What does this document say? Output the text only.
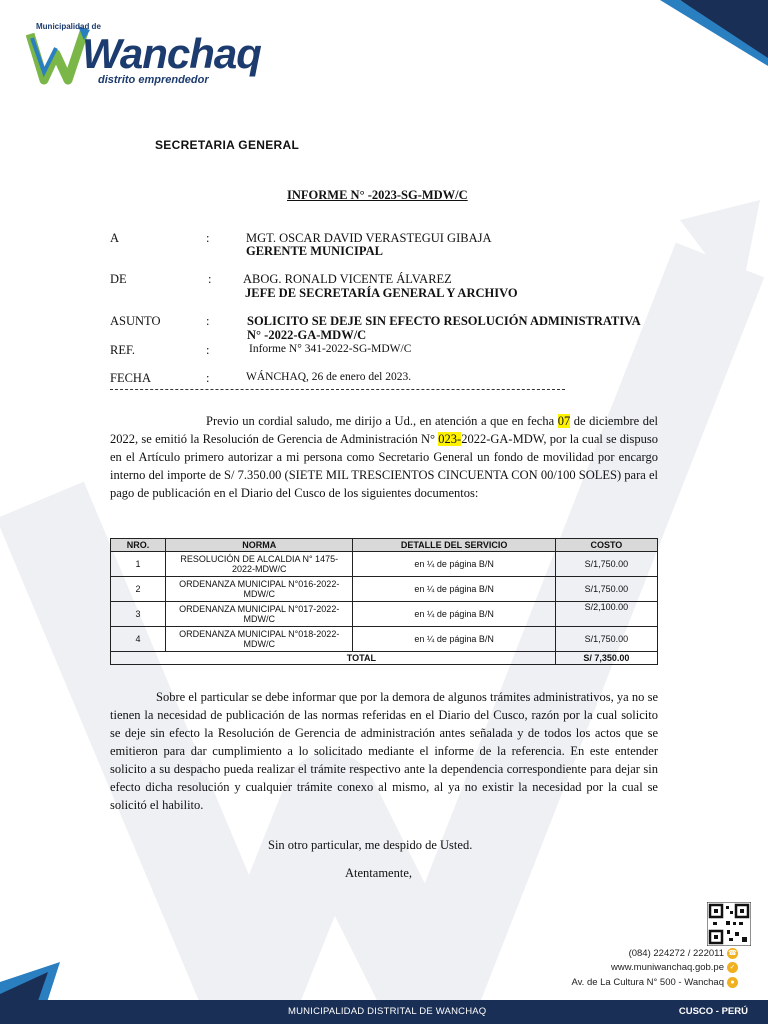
Municipalidad de
Wanchaq
distrito emprendedor
SECRETARIA GENERAL
INFORME N° -2023-SG-MDW/C
A	:	MGT. OSCAR DAVID VERASTEGUI GIBAJA
GERENTE MUNICIPAL
DE	:	ABOG. RONALD VICENTE ÁLVAREZ
JEFE DE SECRETARÍA GENERAL Y ARCHIVO
ASUNTO	:	SOLICITO SE DEJE SIN EFECTO RESOLUCIÓN ADMINISTRATIVA
N° -2022-GA-MDW/C
REF.	:	Informe N° 341-2022-SG-MDW/C
FECHA	:	WÁNCHAQ, 26 de enero del 2023.
Previo un cordial saludo, me dirijo a Ud., en atención a que en fecha 07 de diciembre del 2022, se emitió la Resolución de Gerencia de Administración N° 023-2022-GA-MDW, por la cual se dispuso en el Artículo primero autorizar a mi persona como Secretario General un fondo de movilidad por encargo interno del importe de S/ 7.350.00 (SIETE MIL TRESCIENTOS CINCUENTA CON 00/100 SOLES) para el pago de publicación en el Diario del Cusco de los siguientes documentos:
NRO.	NORMA	DETALLE DEL SERVICIO	COSTO
1	RESOLUCIÓN DE ALCALDIA N° 1475-2022-MDW/C	en ¼ de página B/N	S/1,750.00
2	ORDENANZA MUNICIPAL N°016-2022-MDW/C	en ¼ de página B/N	S/1,750.00
3	ORDENANZA MUNICIPAL N°017-2022-MDW/C	en ¼ de página B/N	S/2,100.00
4	ORDENANZA MUNICIPAL N°018-2022-MDW/C	en ¼ de página B/N	S/1,750.00
TOTAL			S/ 7,350.00
Sobre el particular se debe informar que por la demora de algunos trámites administrativos, ya no se tienen la necesidad de publicación de las normas referidas en el Diario del Cusco, razón por la cual solicito se deje sin efecto la Resolución de Gerencia de administración antes señalada y de todos los actos que se emitieron para dar cumplimiento a lo solicitado mediante el informe de la referencia. En este entender solicito a su despacho pueda realizar el trámite respectivo ante la dependencia correspondiente para dejar sin efecto dicha resolución y cualquier trámite conexo al mismo, al ya no existir la necesidad por la cual se solicitó el habilito.
Sin otro particular, me despido de Usted.
Atentamente,
(084) 224272 / 222011 ☎
www.muniwanchaq.gob.pe ✓
Av. de La Cultura N° 500 - Wanchaq ●
MUNICIPALIDAD DISTRITAL DE WANCHAQ	CUSCO - PERÚ
